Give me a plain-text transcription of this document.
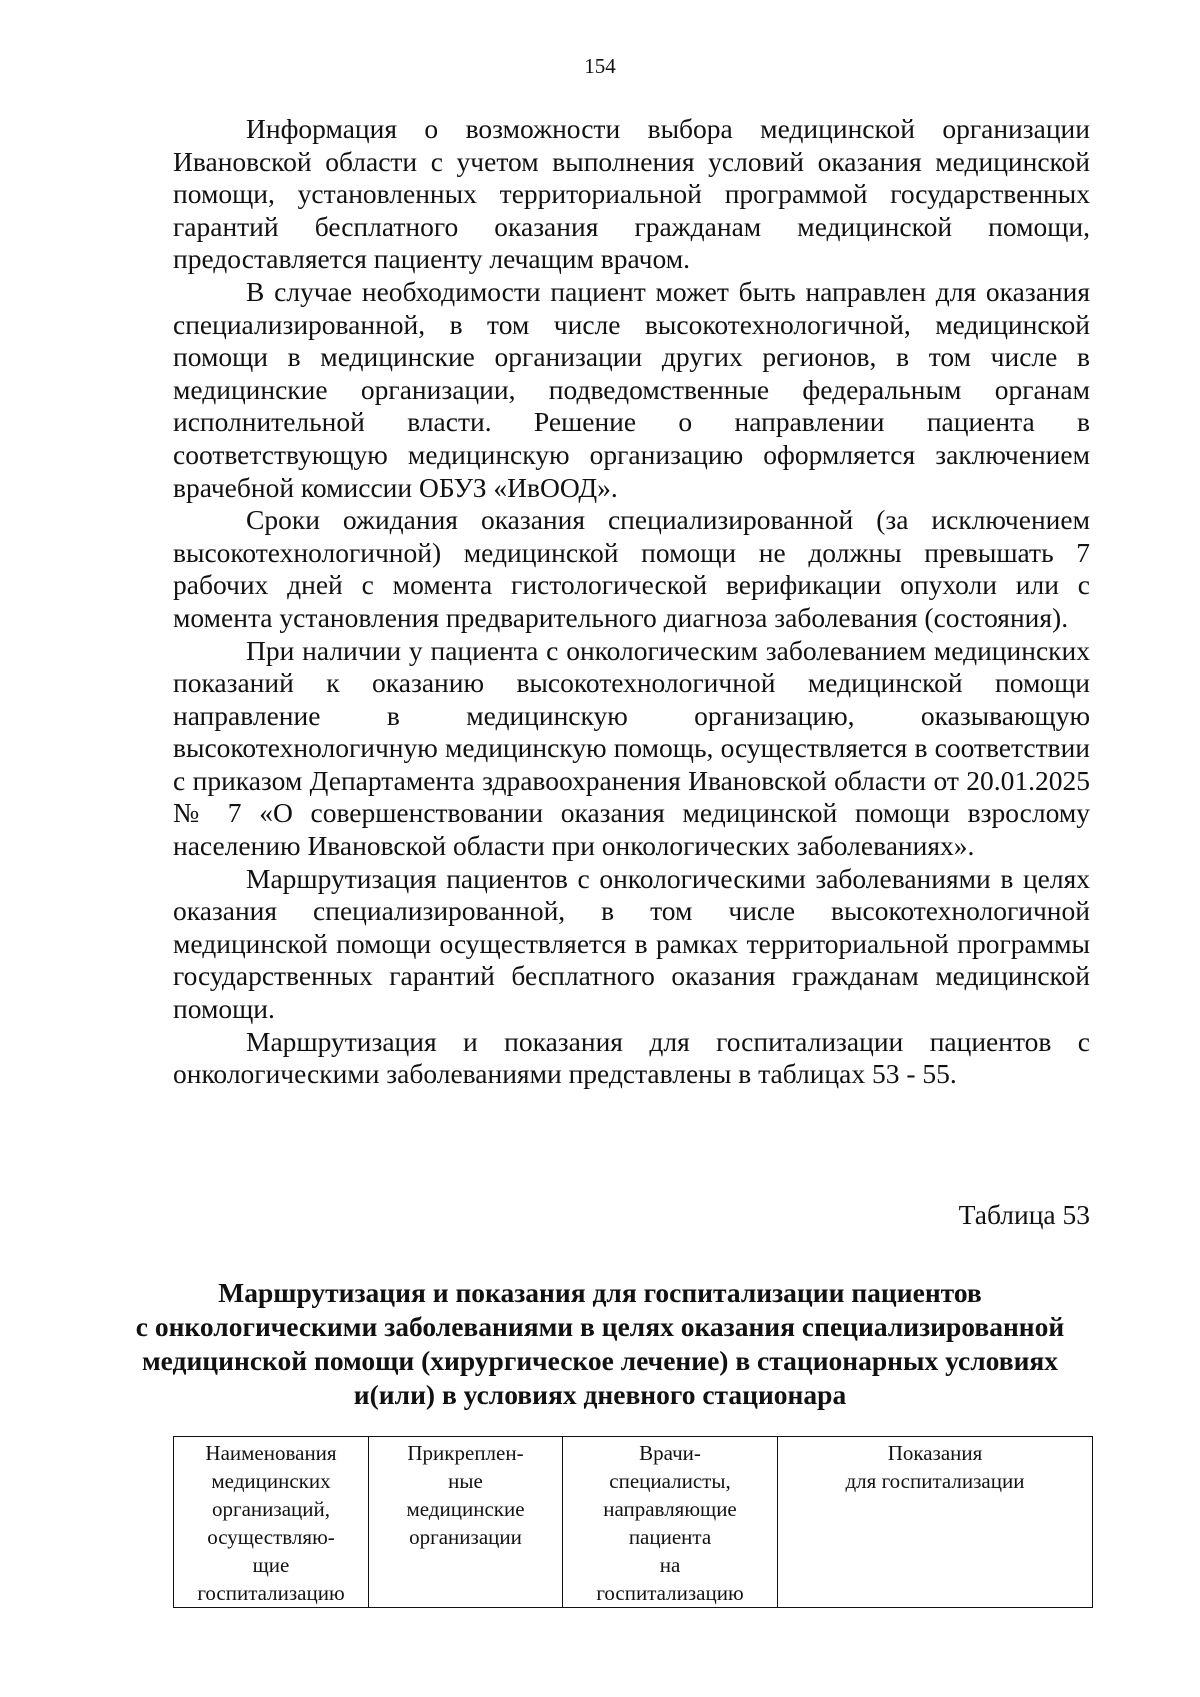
154

Информация о возможности выбора медицинской организации Ивановской области с учетом выполнения условий оказания медицинской помощи, установленных территориальной программой государственных гарантий бесплатного оказания гражданам медицинской помощи, предоставляется пациенту лечащим врачом.

В случае необходимости пациент может быть направлен для оказания специализированной, в том числе высокотехнологичной, медицинской помощи в медицинские организации других регионов, в том числе в медицинские организации, подведомственные федеральным органам исполнительной власти. Решение о направлении пациента в соответствующую медицинскую организацию оформляется заключением врачебной комиссии ОБУЗ «ИвООД».

Сроки ожидания оказания специализированной (за исключением высокотехнологичной) медицинской помощи не должны превышать 7 рабочих дней с момента гистологической верификации опухоли или с момента установления предварительного диагноза заболевания (состояния).

При наличии у пациента с онкологическим заболеванием медицинских показаний к оказанию высокотехнологичной медицинской помощи направление в медицинскую организацию, оказывающую высокотехнологичную медицинскую помощь, осуществляется в соответствии с приказом Департамента здравоохранения Ивановской области от 20.01.2025 № 7 «О совершенствовании оказания медицинской помощи взрослому населению Ивановской области при онкологических заболеваниях».

Маршрутизация пациентов с онкологическими заболеваниями в целях оказания специализированной, в том числе высокотехнологичной медицинской помощи осуществляется в рамках территориальной программы государственных гарантий бесплатного оказания гражданам медицинской помощи.

Маршрутизация и показания для госпитализации пациентов с онкологическими заболеваниями представлены в таблицах 53 - 55.

Таблица 53
Маршрутизация и показания для госпитализации пациентов
с онкологическими заболеваниями в целях оказания специализированной
медицинской помощи (хирургическое лечение) в стационарных условиях
и(или) в условиях дневного стационара
Наименования
медицинских
организаций,
осуществляю-
щие
госпитализацию

Прикреплен-
ные
медицинские
организации

Врачи-
специалисты,
направляющие
пациента
на
госпитализацию

Показания
для госпитализации
